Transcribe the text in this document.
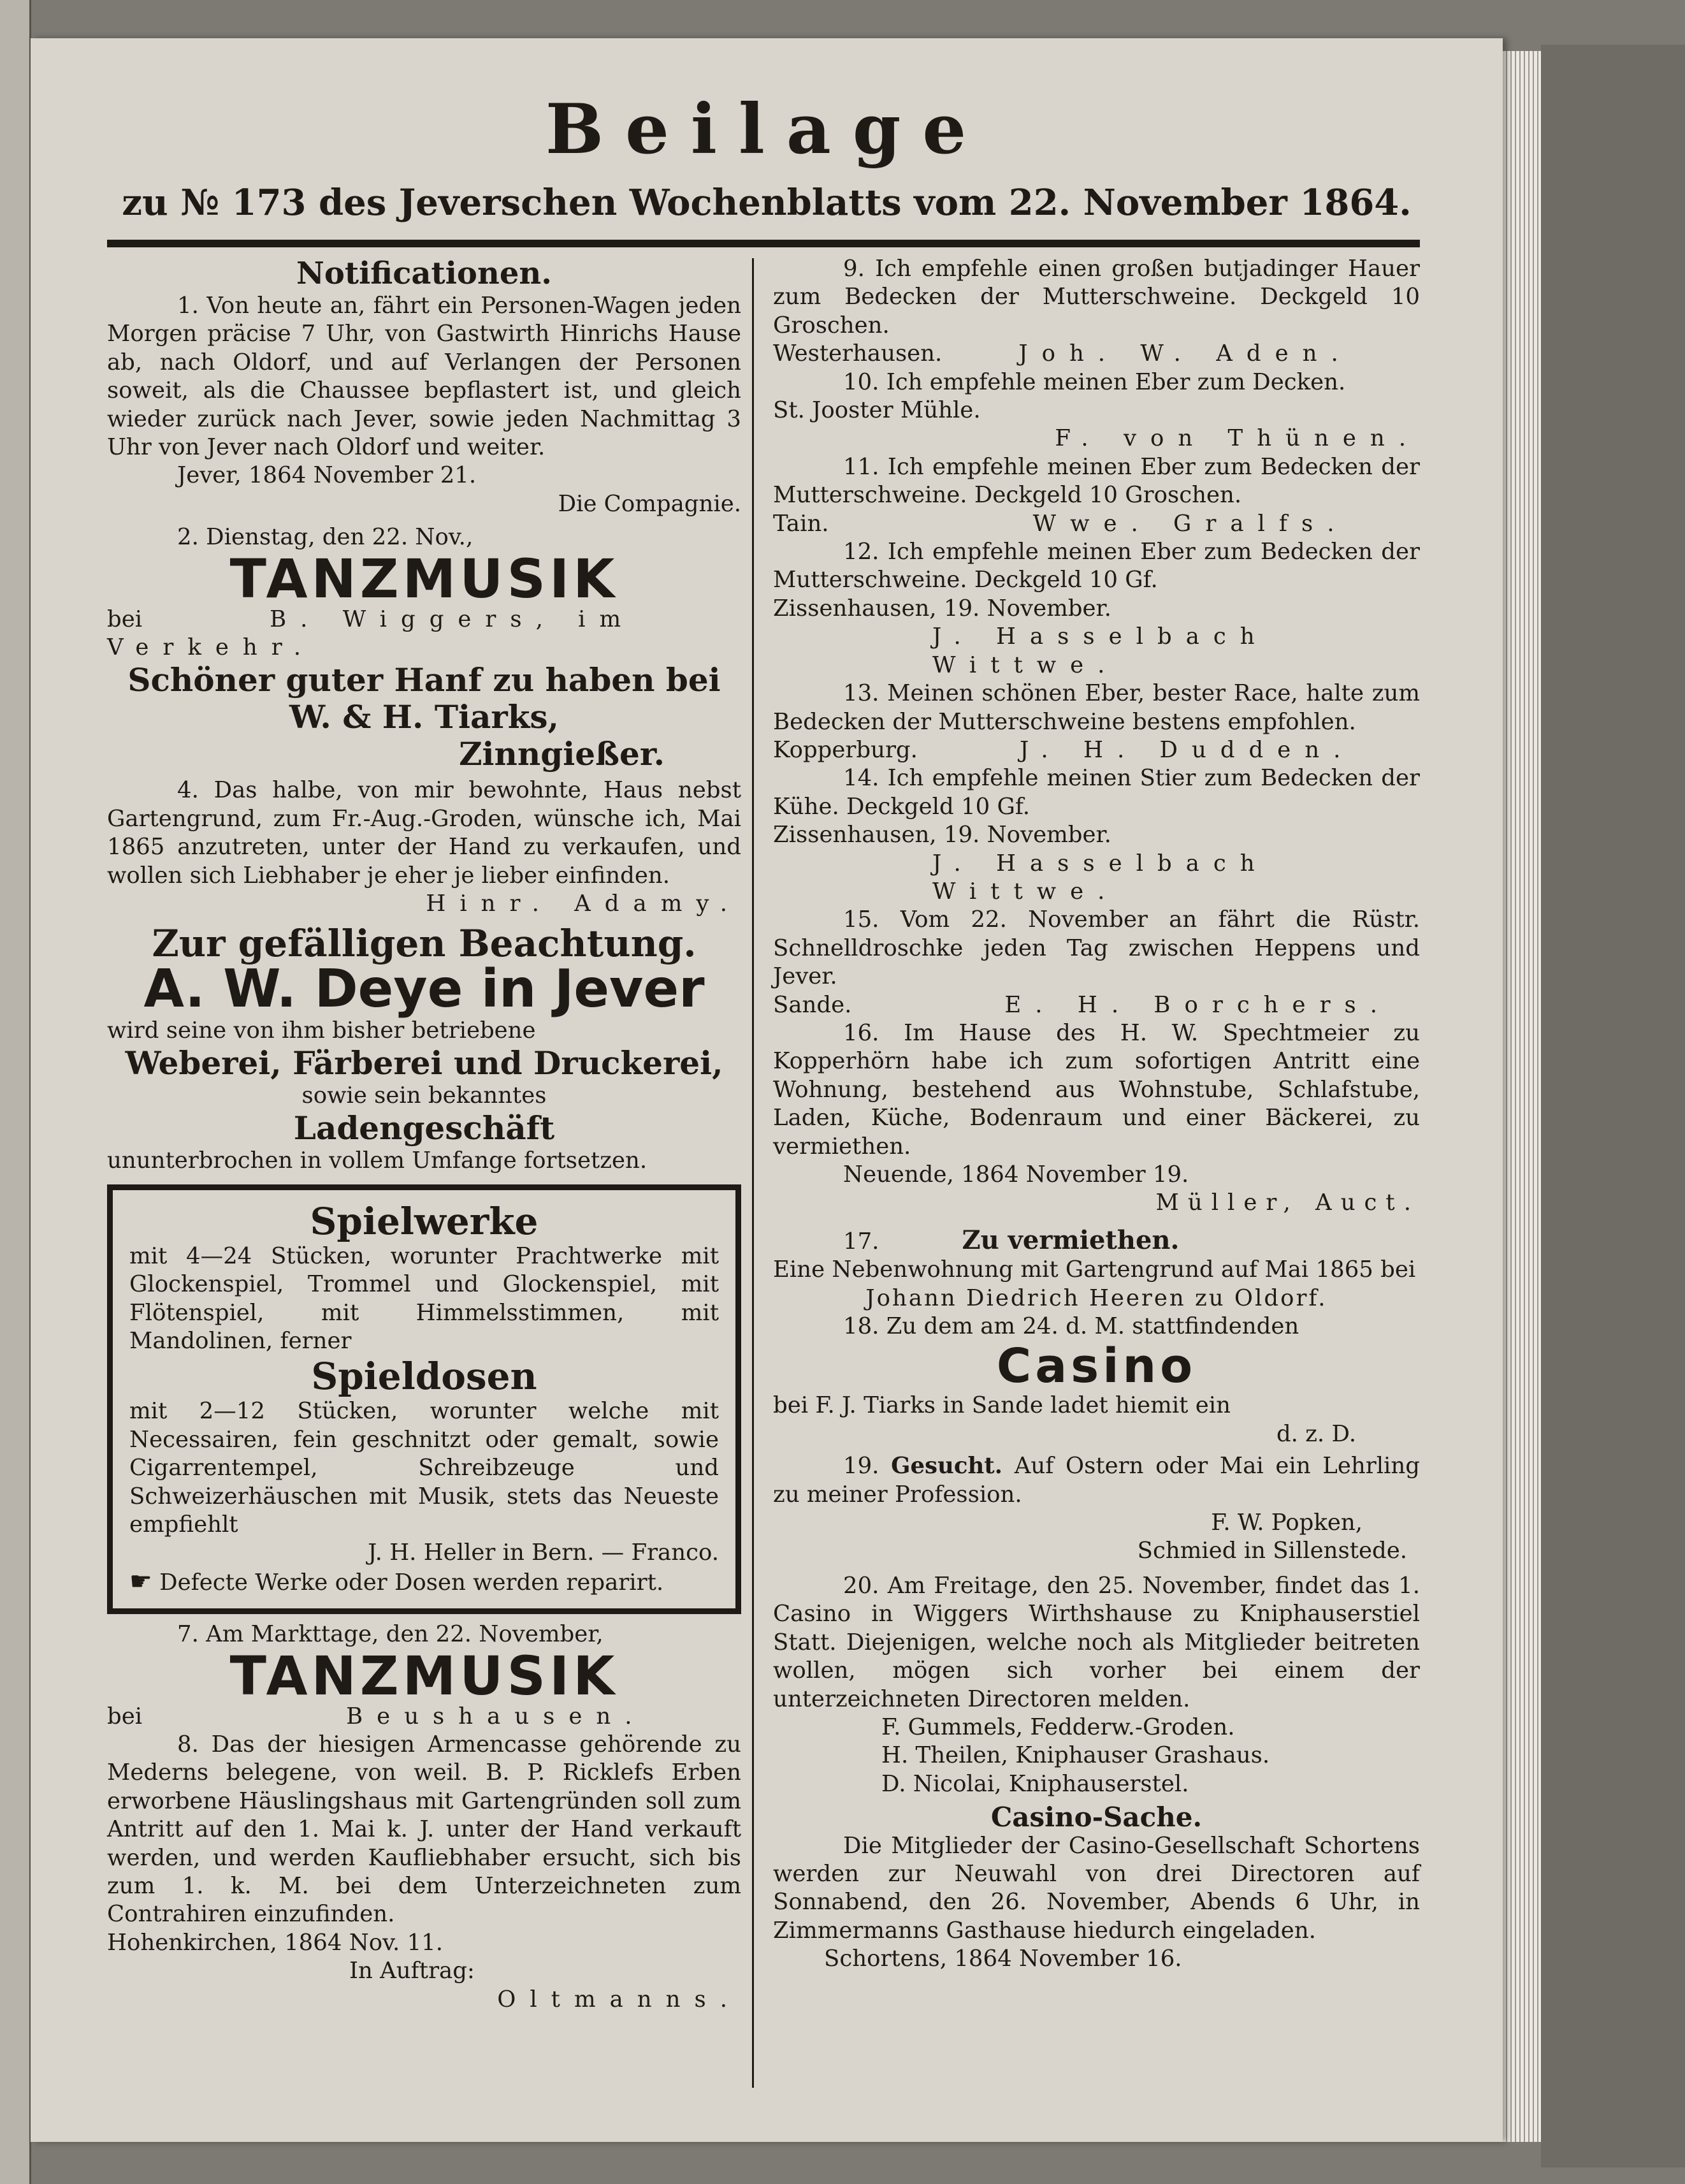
Beilage
zu № 173 des Jeverschen Wochenblatts vom 22. November 1864.

Notificationen.

1. Von heute an, fährt ein Personen-Wagen jeden Morgen präcise 7 Uhr, von Gastwirth Hinrichs Hause ab, nach Oldorf, und auf Verlangen der Personen soweit, als die Chaussee bepflastert ist, und gleich wieder zurück nach Jever, sowie jeden Nachmittag 3 Uhr von Jever nach Oldorf und weiter.

Jever, 1864 November 21.

Die Compagnie.

2. Dienstag, den 22. Nov.,

TANZMUSIK

bei	B. Wiggers, im Verkehr.

Schöner guter Hanf zu haben bei

W. & H. Tiarks,

Zinngießer.

4. Das halbe, von mir bewohnte, Haus nebst Gartengrund, zum Fr.-Aug.-Groden, wünsche ich, Mai 1865 anzutreten, unter der Hand zu verkaufen, und wollen sich Liebhaber je eher je lieber einfinden.

Hinr. Adamy.

Zur gefälligen Beachtung.

A. W. Deye in Jever

wird seine von ihm bisher betriebene

Weberei, Färberei und Druckerei,

sowie sein bekanntes

Ladengeschäft

ununterbrochen in vollem Umfange fortsetzen.

Spielwerke

mit 4—24 Stücken, worunter Prachtwerke mit Glockenspiel, Trommel und Glockenspiel, mit Flötenspiel, mit Himmelsstimmen, mit Mandolinen, ferner

Spieldosen

mit 2—12 Stücken, worunter welche mit Necessairen, fein geschnitzt oder gemalt, sowie Cigarrentempel, Schreibzeuge und Schweizerhäuschen mit Musik, stets das Neueste empfiehlt

J. H. Heller in Bern. — Franco.

☛ Defecte Werke oder Dosen werden reparirt.

7. Am Markttage, den 22. November,

TANZMUSIK

bei	Beushausen.

8. Das der hiesigen Armencasse gehörende zu Mederns belegene, von weil. B. P. Ricklefs Erben erworbene Häuslingshaus mit Gartengründen soll zum Antritt auf den 1. Mai k. J. unter der Hand verkauft werden, und werden Kaufliebhaber ersucht, sich bis zum 1. k. M. bei dem Unterzeichneten zum Contrahiren einzufinden.

Hohenkirchen, 1864 Nov. 11.

In Auftrag:

Oltmanns.

9. Ich empfehle einen großen butjadinger Hauer zum Bedecken der Mutterschweine. Deckgeld 10 Groschen.

Westerhausen.	Joh. W. Aden.

10. Ich empfehle meinen Eber zum Decken.

St. Jooster Mühle.

F. von Thünen.

11. Ich empfehle meinen Eber zum Bedecken der Mutterschweine. Deckgeld 10 Groschen.

Tain.	Wwe. Gralfs.

12. Ich empfehle meinen Eber zum Bedecken der Mutterschweine. Deckgeld 10 Gf.

Zissenhausen, 19. November.

J. Hasselbach Wittwe.

13. Meinen schönen Eber, bester Race, halte zum Bedecken der Mutterschweine bestens empfohlen.

Kopperburg.	J. H. Dudden.

14. Ich empfehle meinen Stier zum Bedecken der Kühe. Deckgeld 10 Gf.

Zissenhausen, 19. November.

J. Hasselbach Wittwe.

15. Vom 22. November an fährt die Rüstr. Schnelldroschke jeden Tag zwischen Heppens und Jever.

Sande.	E. H. Borchers.

16. Im Hause des H. W. Spechtmeier zu Kopperhörn habe ich zum sofortigen Antritt eine Wohnung, bestehend aus Wohnstube, Schlafstube, Laden, Küche, Bodenraum und einer Bäckerei, zu vermiethen.

Neuende, 1864 November 19.

Müller, Auct.

17.	Zu vermiethen.

Eine Nebenwohnung mit Gartengrund auf Mai 1865 bei

Johann Diedrich Heeren zu Oldorf.

18. Zu dem am 24. d. M. stattfindenden

Casino

bei F. J. Tiarks in Sande ladet hiemit ein

d. z. D.

19. Gesucht. Auf Ostern oder Mai ein Lehrling zu meiner Profession.

F. W. Popken,

Schmied in Sillenstede.

20. Am Freitage, den 25. November, findet das 1. Casino in Wiggers Wirthshause zu Kniphauserstiel Statt. Diejenigen, welche noch als Mitglieder beitreten wollen, mögen sich vorher bei einem der unterzeichneten Directoren melden.

F. Gummels, Fedderw.-Groden.

H. Theilen, Kniphauser Grashaus.

D. Nicolai, Kniphauserstel.

Casino-Sache.

Die Mitglieder der Casino-Gesellschaft Schortens werden zur Neuwahl von drei Directoren auf Sonnabend, den 26. November, Abends 6 Uhr, in Zimmermanns Gasthause hiedurch eingeladen.

Schortens, 1864 November 16.
